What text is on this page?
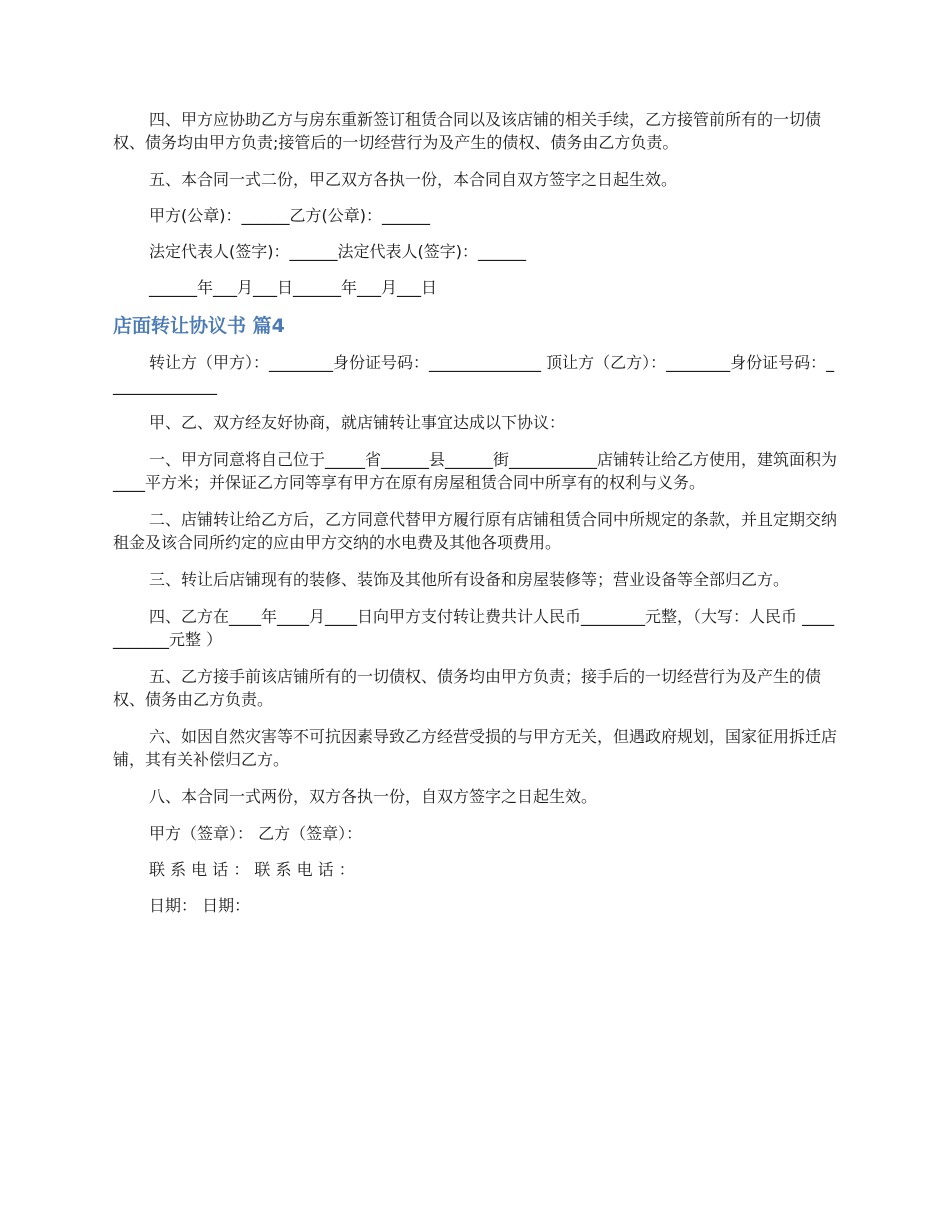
四、甲方应协助乙方与房东重新签订租赁合同以及该店铺的相关手续，乙方接管前所有的一切债权、债务均由甲方负责;接管后的一切经营行为及产生的债权、债务由乙方负责。

五、本合同一式二份，甲乙双方各执一份，本合同自双方签字之日起生效。

甲方(公章)：______乙方(公章)：______

法定代表人(签字)：______法定代表人(签字)：______

______年___月___日______年___月___日

店面转让协议书 篇4

转让方（甲方）：________身份证号码：______________ 顶让方（乙方）：________身份证号码：______________

甲、乙、双方经友好协商，就店铺转让事宜达成以下协议：

一、甲方同意将自己位于_____省______县______街___________店铺转让给乙方使用，建筑面积为____平方米；并保证乙方同等享有甲方在原有房屋租赁合同中所享有的权利与义务。

二、店铺转让给乙方后，乙方同意代替甲方履行原有店铺租赁合同中所规定的条款，并且定期交纳租金及该合同所约定的应由甲方交纳的水电费及其他各项费用。

三、转让后店铺现有的装修、装饰及其他所有设备和房屋装修等；营业设备等全部归乙方。

四、乙方在____年____月____日向甲方支付转让费共计人民币________元整，（大写：人民币 ___________元整 ）

五、乙方接手前该店铺所有的一切债权、债务均由甲方负责；接手后的一切经营行为及产生的债权、债务由乙方负责。

六、如因自然灾害等不可抗因素导致乙方经营受损的与甲方无关，但遇政府规划，国家征用拆迁店铺，其有关补偿归乙方。

八、本合同一式两份，双方各执一份，自双方签字之日起生效。

甲方（签章）： 乙方（签章）：

联 系 电 话 ： 联 系 电 话 ：

日期： 日期：
